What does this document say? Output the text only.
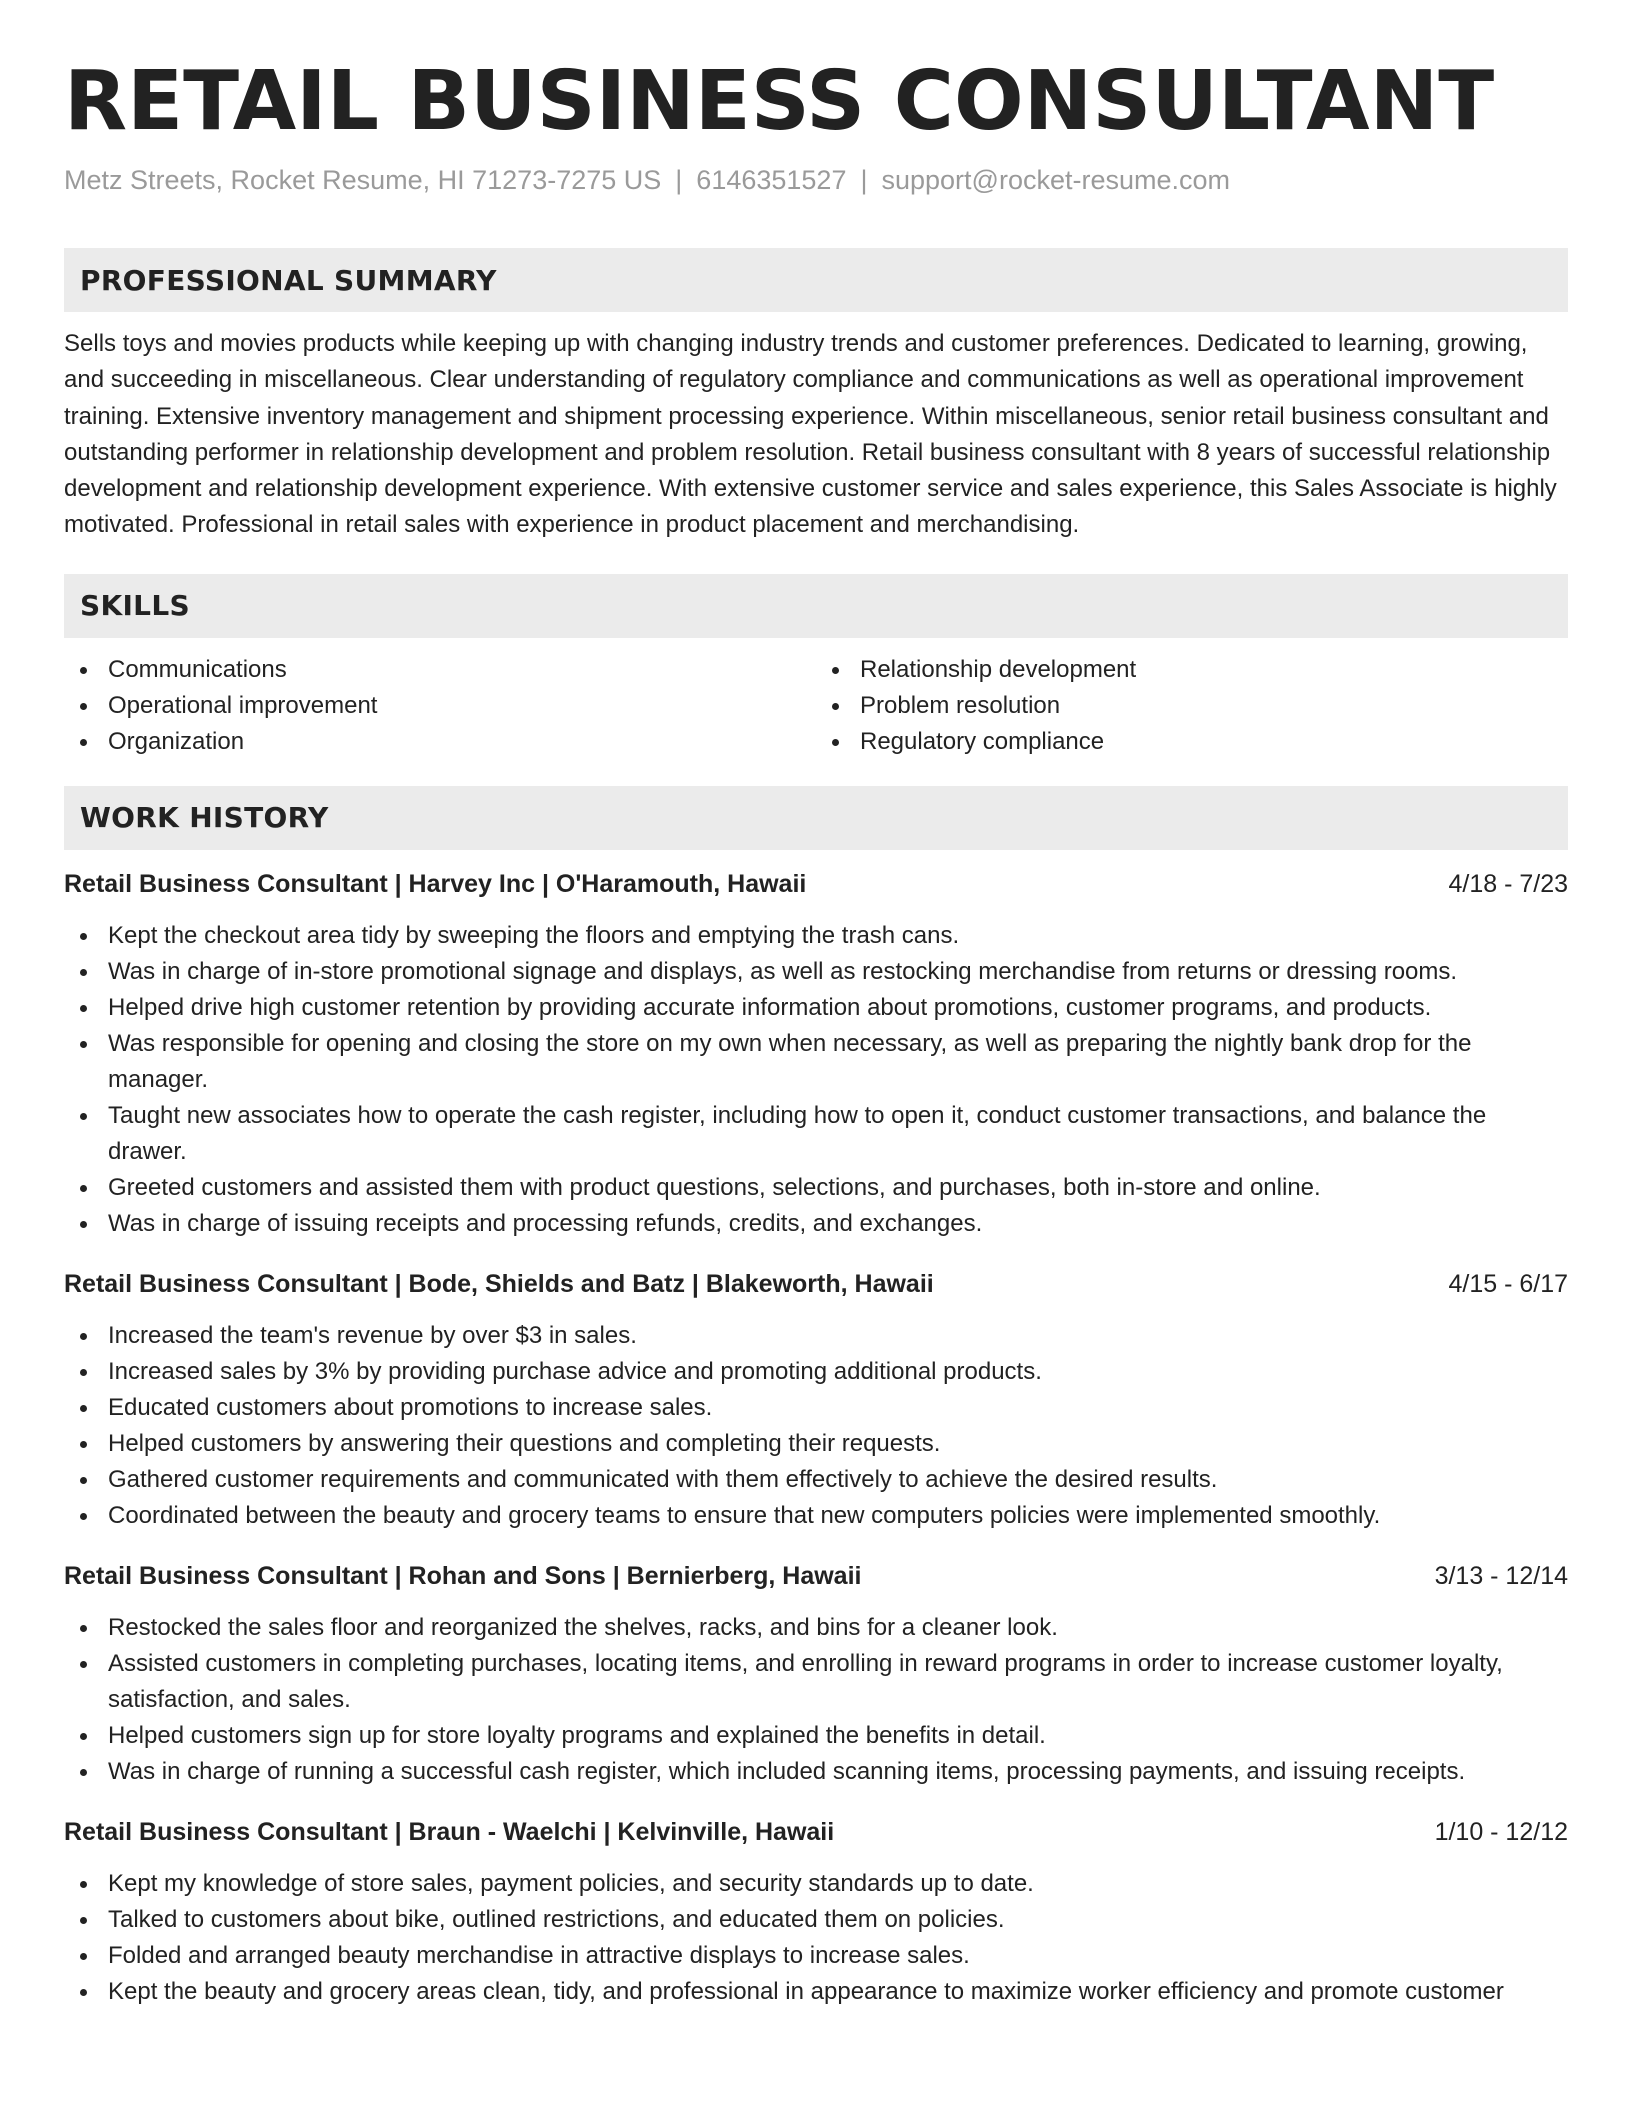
RETAIL BUSINESS CONSULTANT
Metz Streets, Rocket Resume, HI 71273-7275 US | 6146351527 | support@rocket-resume.com
PROFESSIONAL SUMMARY

Sells toys and movies products while keeping up with changing industry trends and customer preferences. Dedicated to learning, growing, and succeeding in miscellaneous. Clear understanding of regulatory compliance and communications as well as operational improvement training. Extensive inventory management and shipment processing experience. Within miscellaneous, senior retail business consultant and outstanding performer in relationship development and problem resolution. Retail business consultant with 8 years of successful relationship development and relationship development experience. With extensive customer service and sales experience, this Sales Associate is highly motivated. Professional in retail sales with experience in product placement and merchandising.

SKILLS
Communications
Operational improvement
Organization
Relationship development
Problem resolution
Regulatory compliance
WORK HISTORY
Retail Business Consultant | Harvey Inc | O'Haramouth, Hawaii	4/18 - 7/23
Kept the checkout area tidy by sweeping the floors and emptying the trash cans.
Was in charge of in-store promotional signage and displays, as well as restocking merchandise from returns or dressing rooms.
Helped drive high customer retention by providing accurate information about promotions, customer programs, and products.
Was responsible for opening and closing the store on my own when necessary, as well as preparing the nightly bank drop for the manager.
Taught new associates how to operate the cash register, including how to open it, conduct customer transactions, and balance the drawer.
Greeted customers and assisted them with product questions, selections, and purchases, both in-store and online.
Was in charge of issuing receipts and processing refunds, credits, and exchanges.
Retail Business Consultant | Bode, Shields and Batz | Blakeworth, Hawaii	4/15 - 6/17
Increased the team's revenue by over $3 in sales.
Increased sales by 3% by providing purchase advice and promoting additional products.
Educated customers about promotions to increase sales.
Helped customers by answering their questions and completing their requests.
Gathered customer requirements and communicated with them effectively to achieve the desired results.
Coordinated between the beauty and grocery teams to ensure that new computers policies were implemented smoothly.
Retail Business Consultant | Rohan and Sons | Bernierberg, Hawaii	3/13 - 12/14
Restocked the sales floor and reorganized the shelves, racks, and bins for a cleaner look.
Assisted customers in completing purchases, locating items, and enrolling in reward programs in order to increase customer loyalty, satisfaction, and sales.
Helped customers sign up for store loyalty programs and explained the benefits in detail.
Was in charge of running a successful cash register, which included scanning items, processing payments, and issuing receipts.
Retail Business Consultant | Braun - Waelchi | Kelvinville, Hawaii	1/10 - 12/12
Kept my knowledge of store sales, payment policies, and security standards up to date.
Talked to customers about bike, outlined restrictions, and educated them on policies.
Folded and arranged beauty merchandise in attractive displays to increase sales.
Kept the beauty and grocery areas clean, tidy, and professional in appearance to maximize worker efficiency and promote customer
